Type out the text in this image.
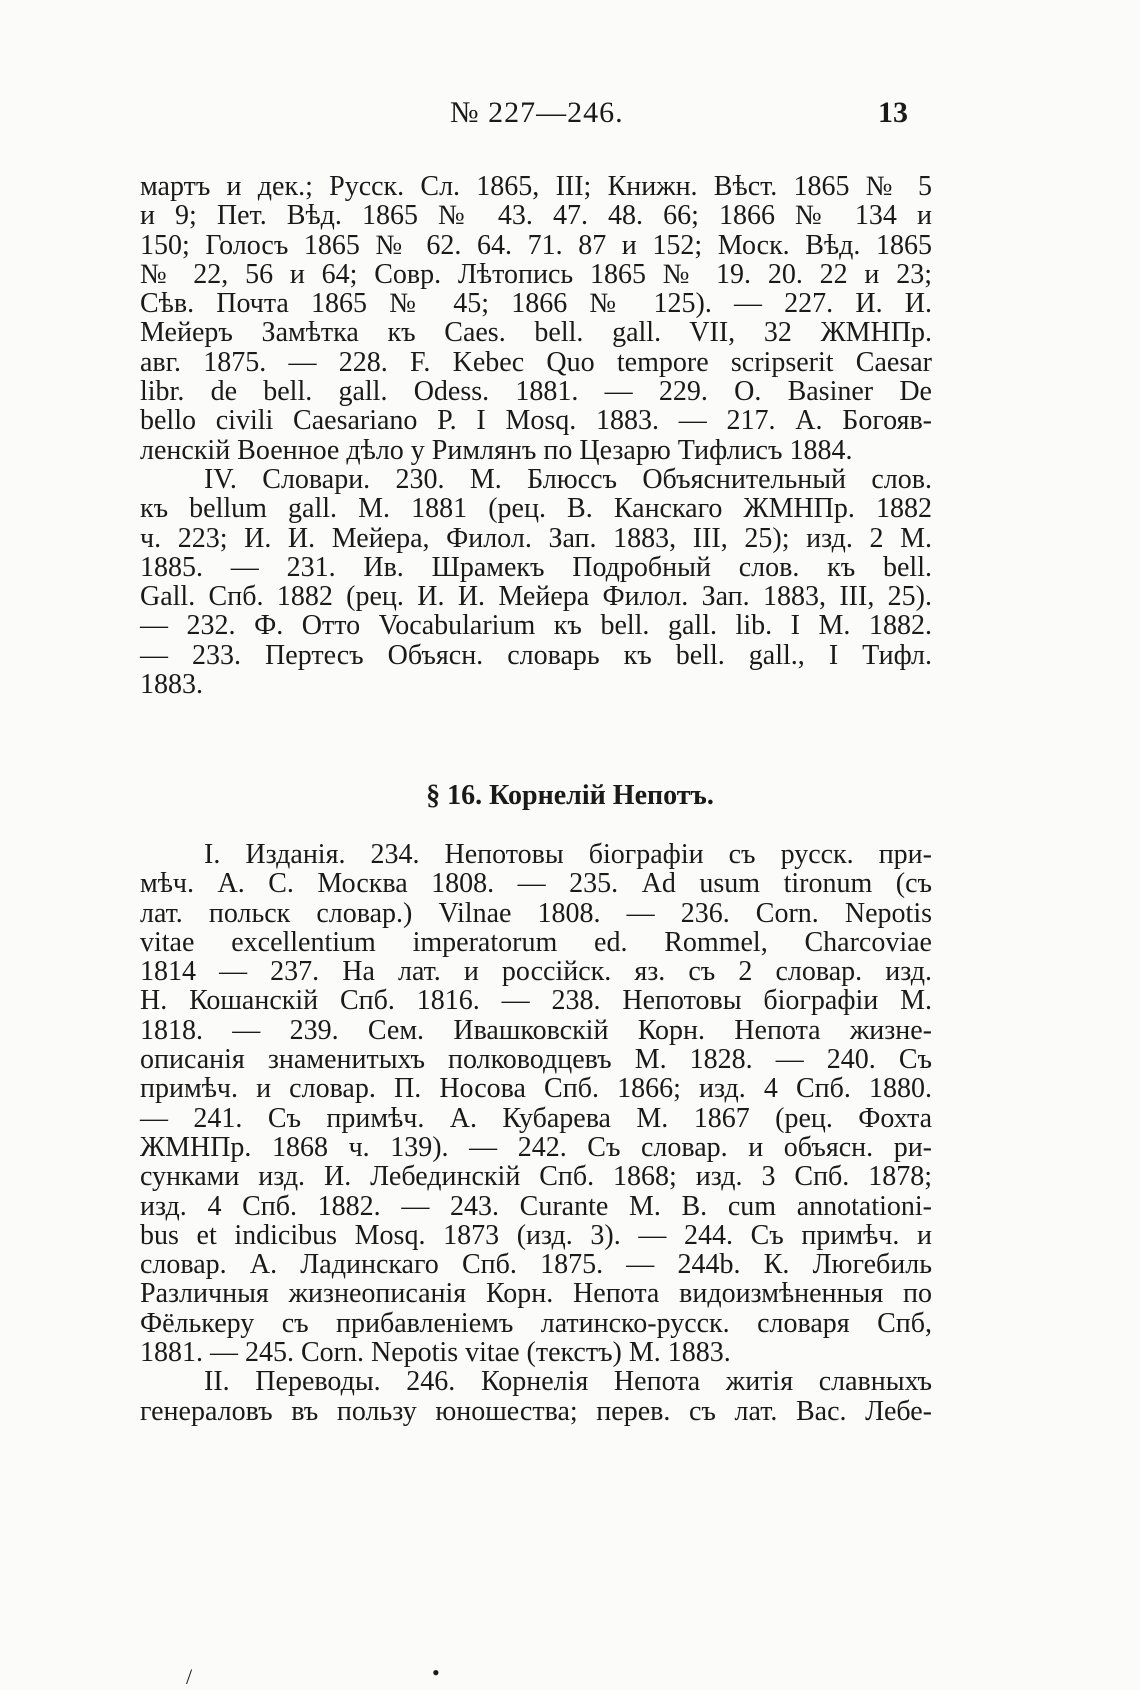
№ 227—246.	13
мартъ и дек.; Русск. Сл. 1865, III; Книжн. Вѣст. 1865 № 5
и 9; Пет. Вѣд. 1865 № 43. 47. 48. 66; 1866 № 134 и
150; Голосъ 1865 № 62. 64. 71. 87 и 152; Моск. Вѣд. 1865
№ 22, 56 и 64; Совр. Лѣтопись 1865 № 19. 20. 22 и 23;
Сѣв. Почта 1865 № 45; 1866 № 125). — 227. И. И.
Мейеръ Замѣтка къ Caes. bell. gall. VII, 32 ЖМНПр.
авг. 1875. — 228. F. Kebec Quo tempore scripserit Caesar
libr. de bell. gall. Odess. 1881. — 229. O. Basiner De
bello civili Caesariano P. I Mosq. 1883. — 217. А. Богояв-
ленскій Военное дѣло у Римлянъ по Цезарю Тифлисъ 1884.
IV. Словари. 230. М. Блюссъ Объяснительный слов.
къ bellum gall. М. 1881 (рец. В. Канскаго ЖМНПр. 1882
ч. 223; И. И. Мейера, Филол. Зап. 1883, III, 25); изд. 2 М.
1885. — 231. Ив. Шрамекъ Подробный слов. къ bell.
Gall. Спб. 1882 (рец. И. И. Мейера Филол. Зап. 1883, III, 25).
— 232. Ф. Отто Vocabularium къ bell. gall. lib. I М. 1882.
— 233. Пертесъ Объясн. словарь къ bell. gall., I Тифл.
1883.
§ 16. Корнелій Непотъ.
I. Изданія. 234. Непотовы біографіи съ русск. при-
мѣч. А. С. Москва 1808. — 235. Ad usum tironum (съ
лат. польск словар.) Vilnae 1808. — 236. Corn. Nepotis
vitae excellentium imperatorum ed. Rommel, Charcoviae
1814 — 237. На лат. и россійск. яз. съ 2 словар. изд.
Н. Кошанскій Спб. 1816. — 238. Непотовы біографіи М.
1818. — 239. Сем. Ивашковскій Корн. Непота жизне-
описанія знаменитыхъ полководцевъ М. 1828. — 240. Съ
примѣч. и словар. П. Носова Спб. 1866; изд. 4 Спб. 1880.
— 241. Съ примѣч. А. Кубарева М. 1867 (рец. Фохта
ЖМНПр. 1868 ч. 139). — 242. Съ словар. и объясн. ри-
сунками изд. И. Лебединскій Спб. 1868; изд. 3 Спб. 1878;
изд. 4 Спб. 1882. — 243. Curante M. B. cum annotationi-
bus et indicibus Mosq. 1873 (изд. 3). — 244. Съ примѣч. и
словар. А. Ладинскаго Спб. 1875. — 244b. К. Люгебиль
Различныя жизнеописанія Корн. Непота видоизмѣненныя по
Фёлькеру съ прибавленіемъ латинско-русск. словаря Спб,
1881. — 245. Corn. Nepotis vitae (текстъ) М. 1883.
II. Переводы. 246. Корнелія Непота житія славныхъ
генераловъ въ пользу юношества; перев. съ лат. Вас. Лебе-
/	•
